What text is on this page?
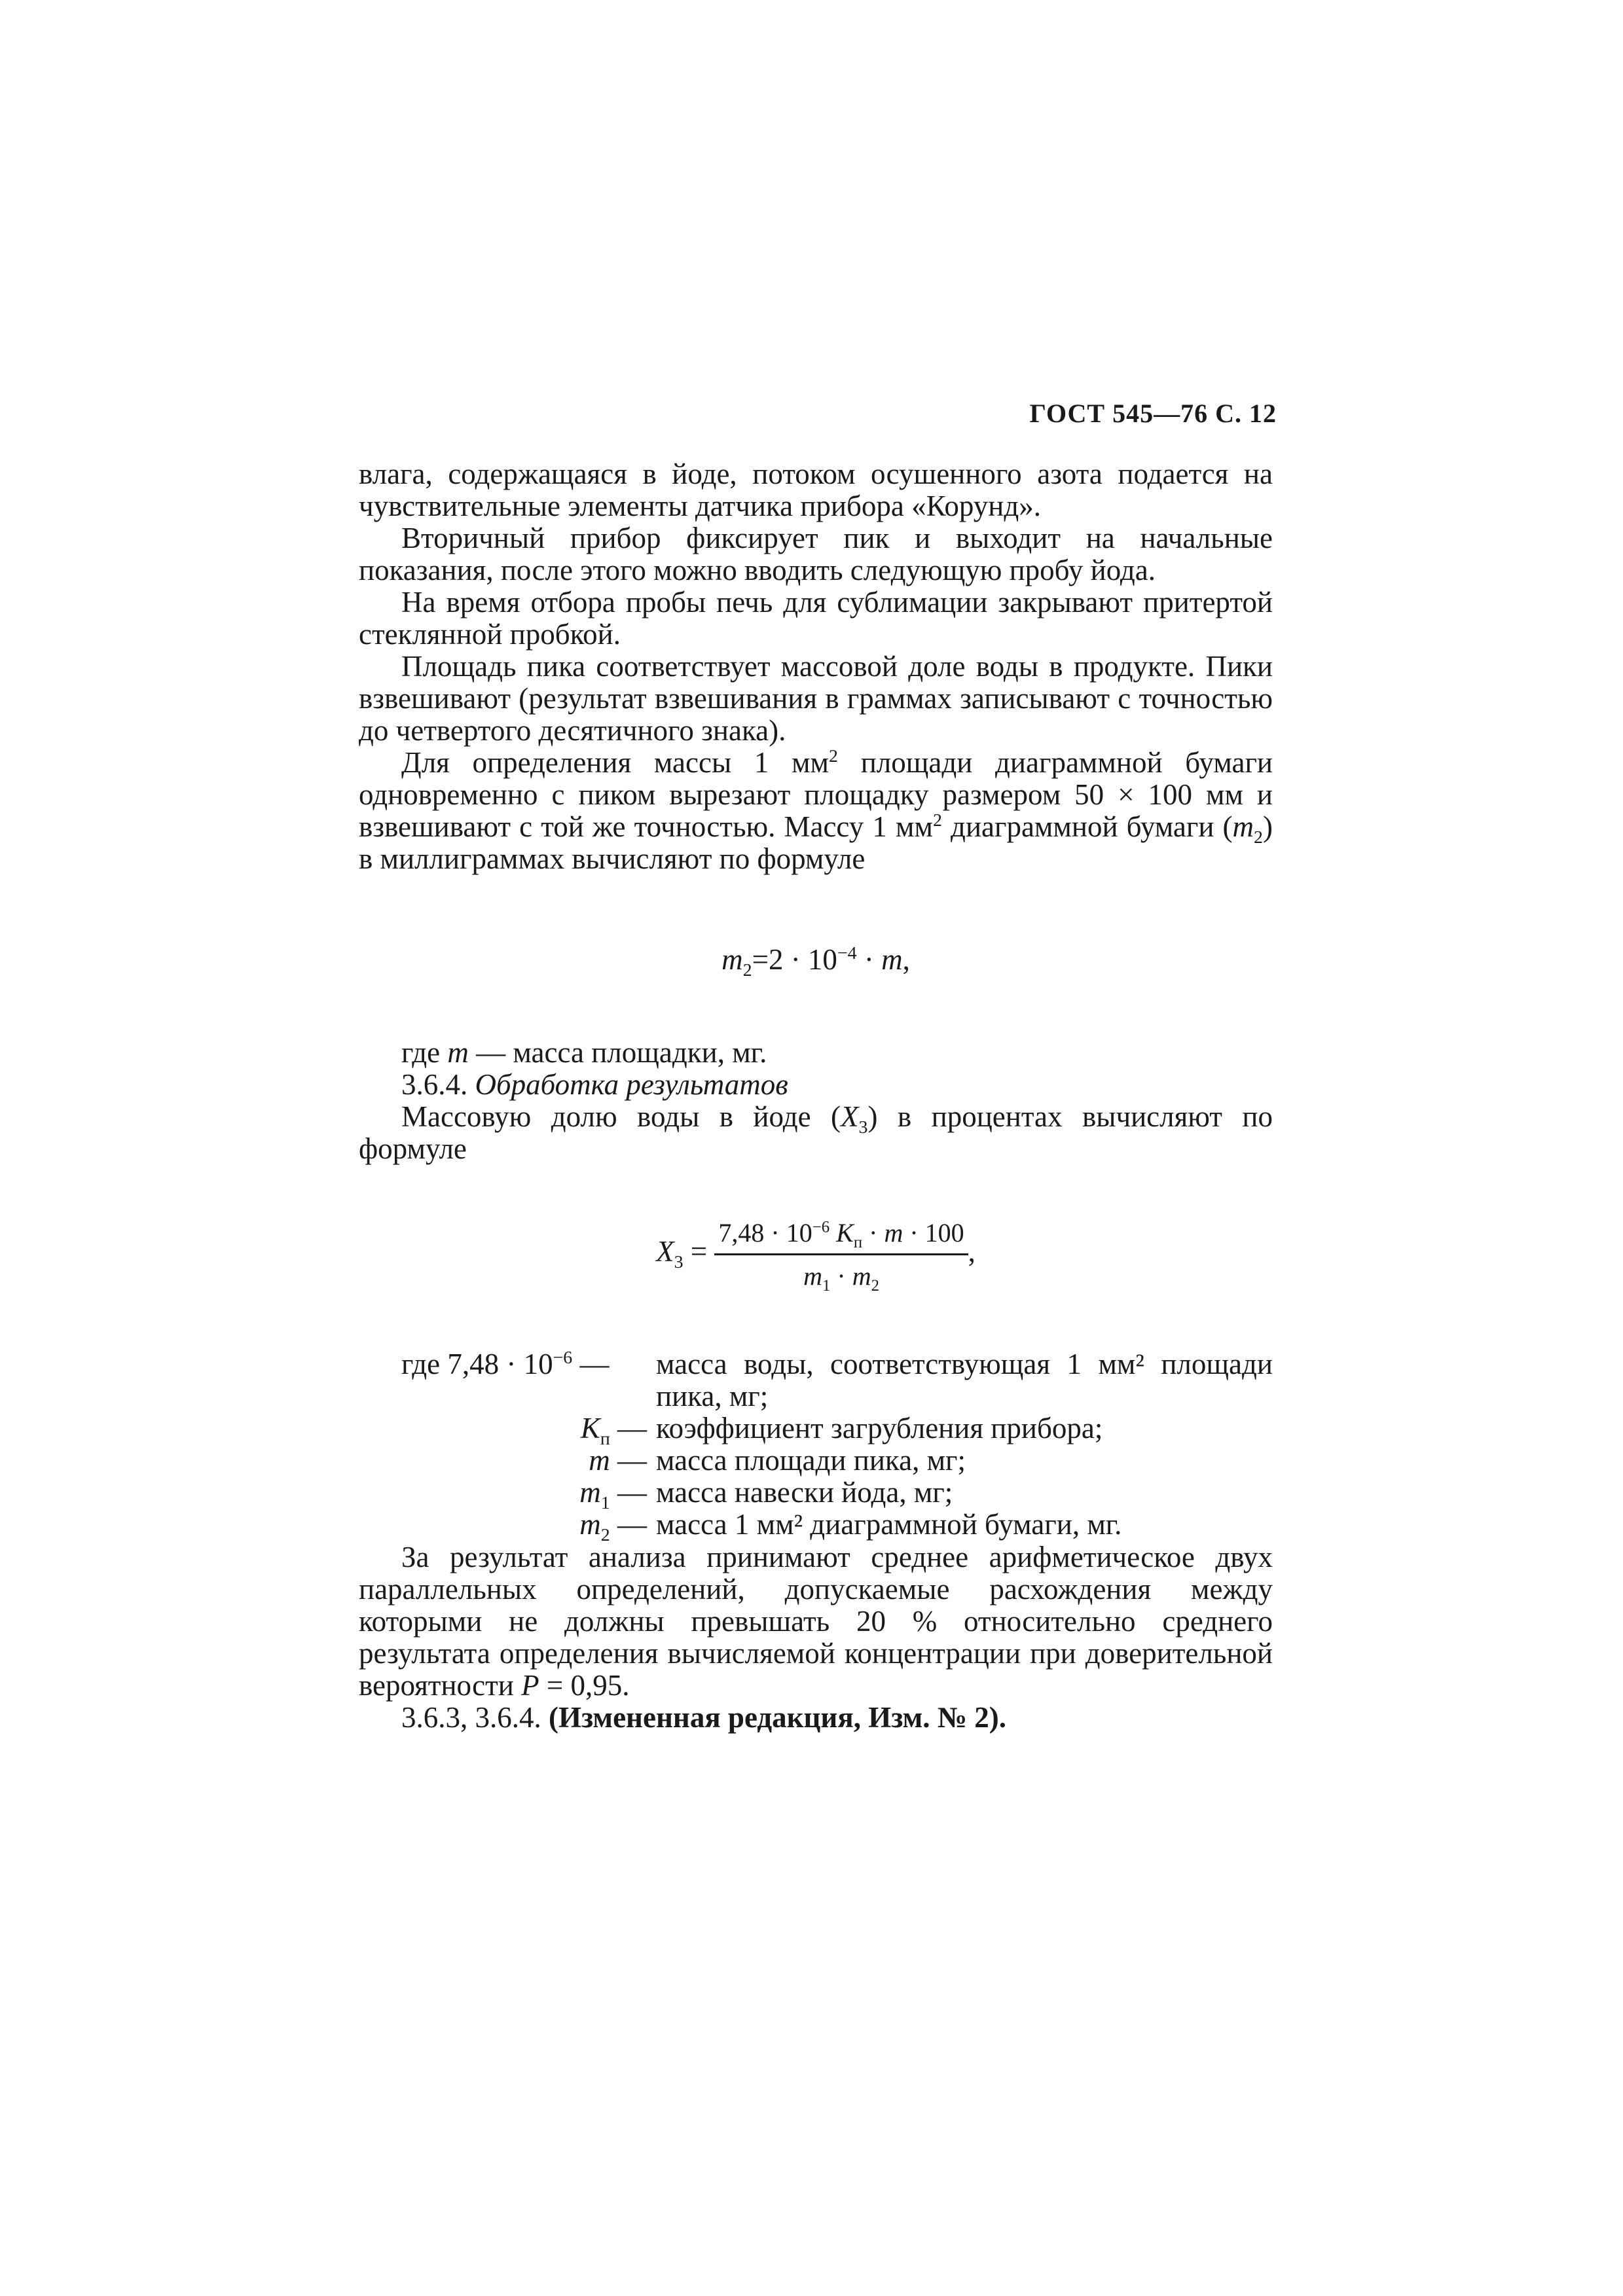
ГОСТ 545—76 С. 12

влага, содержащаяся в йоде, потоком осушенного азота подается на чувствительные элементы датчика прибора «Корунд».

Вторичный прибор фиксирует пик и выходит на начальные показания, после этого можно вводить следующую пробу йода.

На время отбора пробы печь для сублимации закрывают притертой стеклянной пробкой.

Площадь пика соответствует массовой доле воды в продукте. Пики взвешивают (результат взвешивания в граммах записывают с точностью до четвертого десятичного знака).

Для определения массы 1 $мм^2$ площади диаграммной бумаги одновременно с пиком вырезают площадку размером 50 × 100 мм и взвешивают с той же точностью. Массу 1 $мм^2$ диаграммной бумаги $(m_2)$ в миллиграммах вычисляют по формуле

$m_2=2 \cdot 10^{-4} \cdot m$,

где m — масса площадки, мг.

3.6.4. Обработка результатов

Массовую долю воды в йоде $(X_3)$ в процентах вычисляют по формуле

$X_3 = \frac{7,48 \cdot 10^{-6} K_п \cdot m \cdot 100}{m_1 \cdot m_2}$ ,
где $7,48 \cdot 10^{-6}$ —	масса воды, соответствующая 1 мм² площади пика, мг;
$K_п$ — коэффициент загрубления прибора;
m — масса площади пика, мг;
$m_1$ — масса навески йода, мг;
$m_2$ — масса 1 мм² диаграммной бумаги, мг.

За результат анализа принимают среднее арифметическое двух параллельных определений, допускаемые расхождения между которыми не должны превышать 20 % относительно среднего результата определения вычисляемой концентрации при доверительной вероятности P = 0,95.

3.6.3, 3.6.4. (Измененная редакция, Изм. № 2).
